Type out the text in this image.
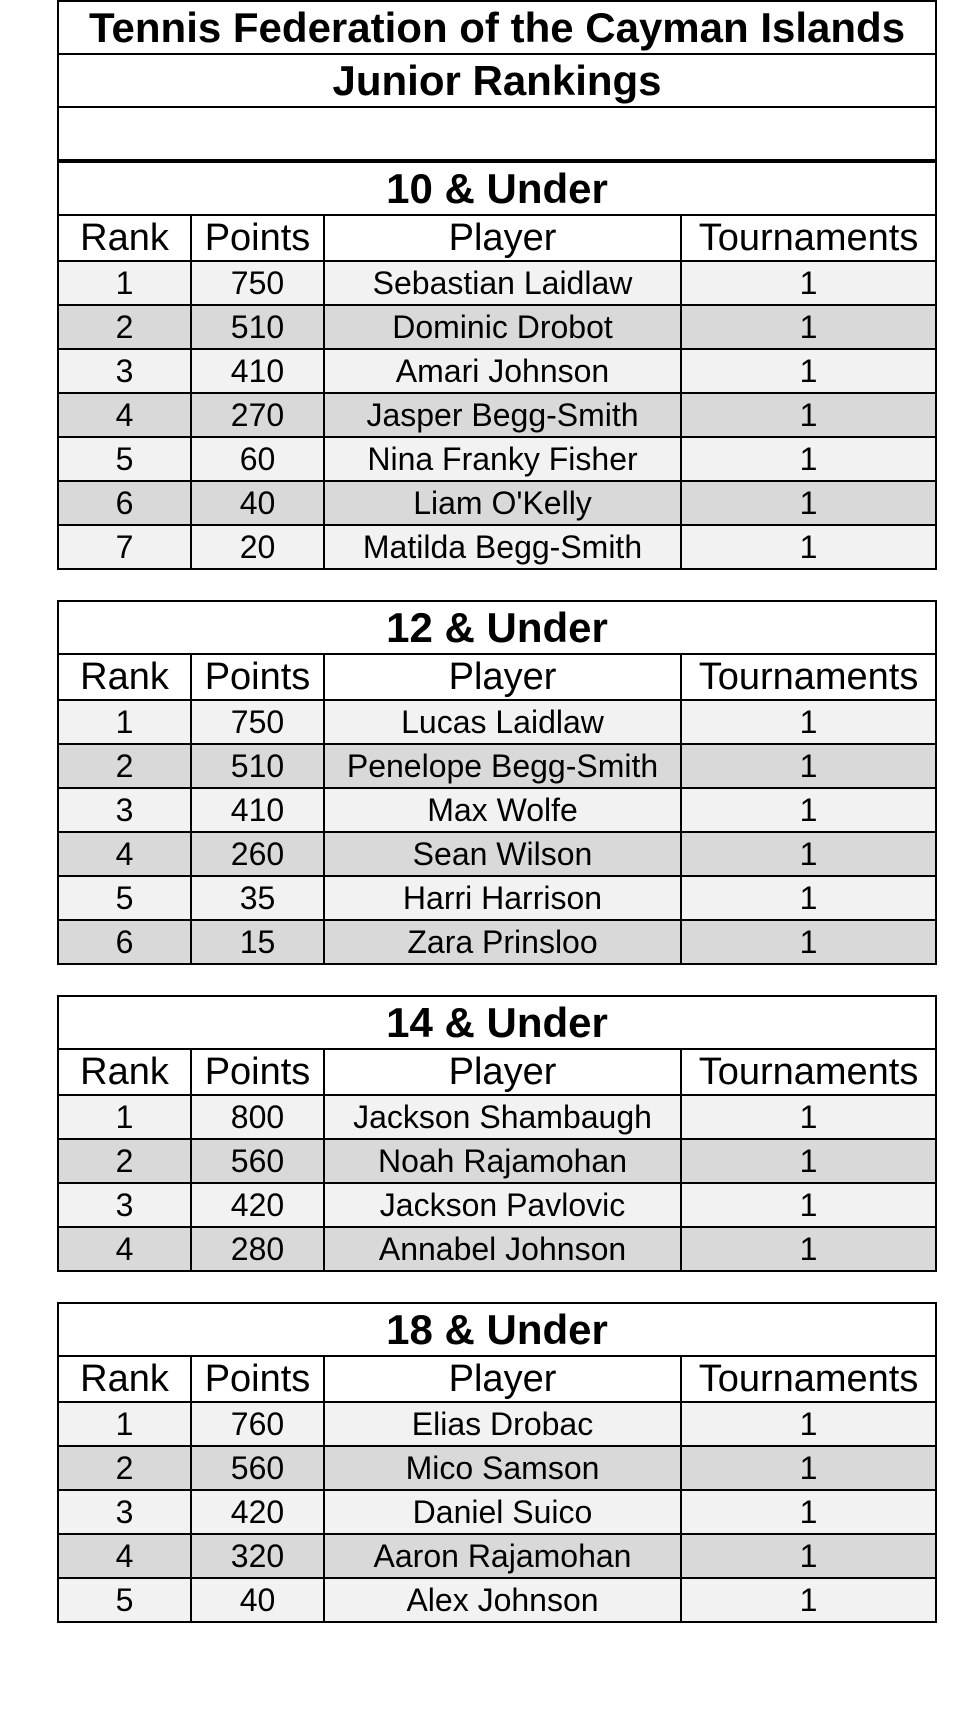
Tennis Federation of the Cayman Islands
Junior Rankings

10 & Under			
Rank	Points	Player	Tournaments
1	750	Sebastian Laidlaw	1
2	510	Dominic Drobot	1
3	410	Amari Johnson	1
4	270	Jasper Begg-Smith	1
5	60	Nina Franky Fisher	1
6	40	Liam O'Kelly	1
7	20	Matilda Begg-Smith	1
12 & Under			
Rank	Points	Player	Tournaments
1	750	Lucas Laidlaw	1
2	510	Penelope Begg-Smith	1
3	410	Max Wolfe	1
4	260	Sean Wilson	1
5	35	Harri Harrison	1
6	15	Zara Prinsloo	1
14 & Under			
Rank	Points	Player	Tournaments
1	800	Jackson Shambaugh	1
2	560	Noah Rajamohan	1
3	420	Jackson Pavlovic	1
4	280	Annabel Johnson	1
18 & Under			
Rank	Points	Player	Tournaments
1	760	Elias Drobac	1
2	560	Mico Samson	1
3	420	Daniel Suico	1
4	320	Aaron Rajamohan	1
5	40	Alex Johnson	1
